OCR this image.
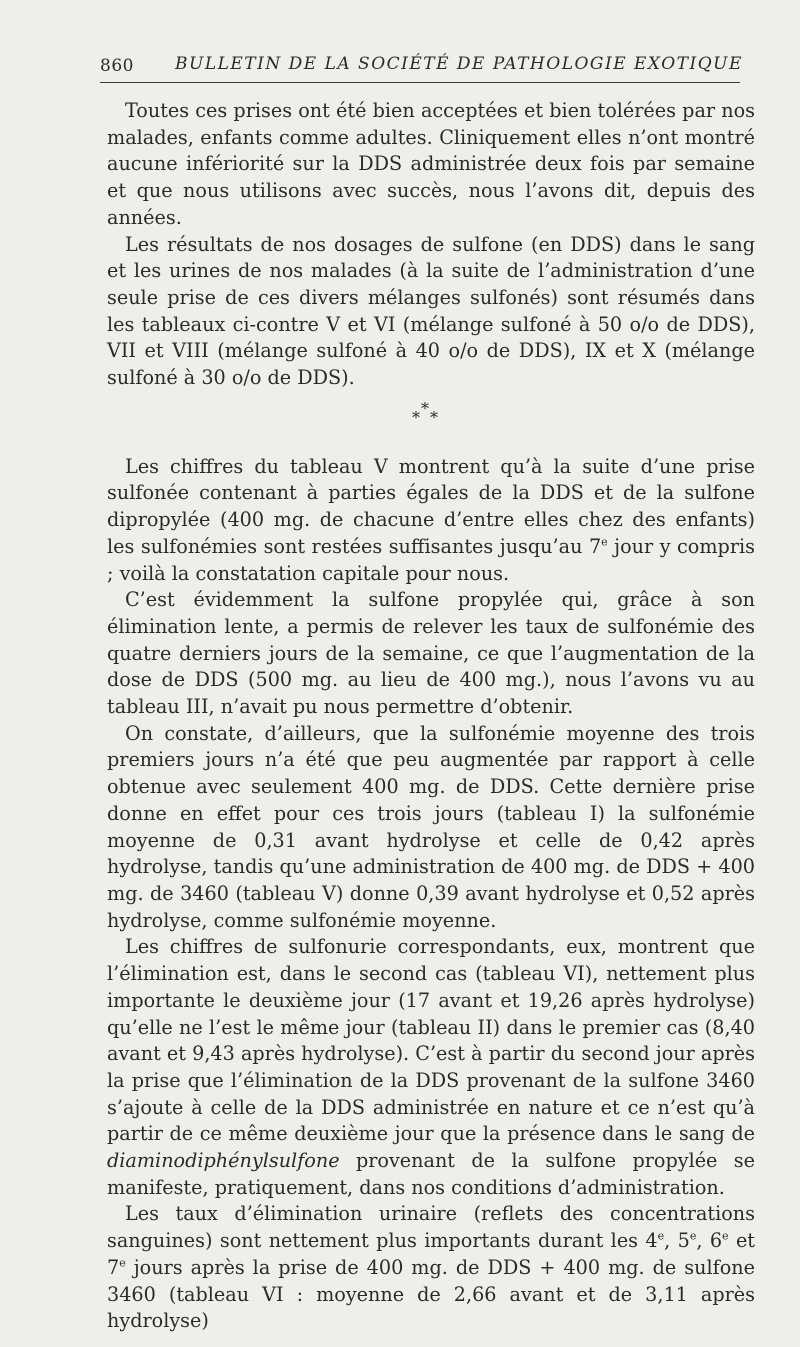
860 BULLETIN DE LA SOCIÉTÉ DE PATHOLOGIE EXOTIQUE

Toutes ces prises ont été bien acceptées et bien tolérées par nos malades, enfants comme adultes. Cliniquement elles n’ont montré aucune infériorité sur la DDS administrée deux fois par semaine et que nous utilisons avec succès, nous l’avons dit, depuis des années.

Les résultats de nos dosages de sulfone (en DDS) dans le sang et les urines de nos malades (à la suite de l’administration d’une seule prise de ces divers mélanges sulfonés) sont résumés dans les tableaux ci-contre V et VI (mélange sulfoné à 50 o/o de DDS), VII et VIII (mélange sulfoné à 40 o/o de DDS), IX et X (mélange sulfoné à 30 o/o de DDS).

*
* *

Les chiffres du tableau V montrent qu’à la suite d’une prise sulfonée contenant à parties égales de la DDS et de la sulfone dipropylée (400 mg. de chacune d’entre elles chez des enfants) les sulfonémies sont restées suffisantes jusqu’au 7e jour y compris ; voilà la constatation capitale pour nous.

C’est évidemment la sulfone propylée qui, grâce à son élimination lente, a permis de relever les taux de sulfonémie des quatre derniers jours de la semaine, ce que l’augmentation de la dose de DDS (500 mg. au lieu de 400 mg.), nous l’avons vu au tableau III, n’avait pu nous permettre d’obtenir.

On constate, d’ailleurs, que la sulfonémie moyenne des trois premiers jours n’a été que peu augmentée par rapport à celle obtenue avec seulement 400 mg. de DDS. Cette dernière prise donne en effet pour ces trois jours (tableau I) la sulfonémie moyenne de 0,31 avant hydrolyse et celle de 0,42 après hydrolyse, tandis qu’une administration de 400 mg. de DDS + 400 mg. de 3460 (tableau V) donne 0,39 avant hydrolyse et 0,52 après hydrolyse, comme sulfonémie moyenne.

Les chiffres de sulfonurie correspondants, eux, montrent que l’élimination est, dans le second cas (tableau VI), nettement plus importante le deuxième jour (17 avant et 19,26 après hydrolyse) qu’elle ne l’est le même jour (tableau II) dans le premier cas (8,40 avant et 9,43 après hydrolyse). C’est à partir du second jour après la prise que l’élimination de la DDS provenant de la sulfone 3460 s’ajoute à celle de la DDS administrée en nature et ce n’est qu’à partir de ce même deuxième jour que la présence dans le sang de diaminodiphénylsulfone provenant de la sulfone propylée se manifeste, pratiquement, dans nos conditions d’administration.

Les taux d’élimination urinaire (reflets des concentrations sanguines) sont nettement plus importants durant les 4e, 5e, 6e et 7e jours après la prise de 400 mg. de DDS + 400 mg. de sulfone 3460 (tableau VI : moyenne de 2,66 avant et de 3,11 après hydrolyse)
